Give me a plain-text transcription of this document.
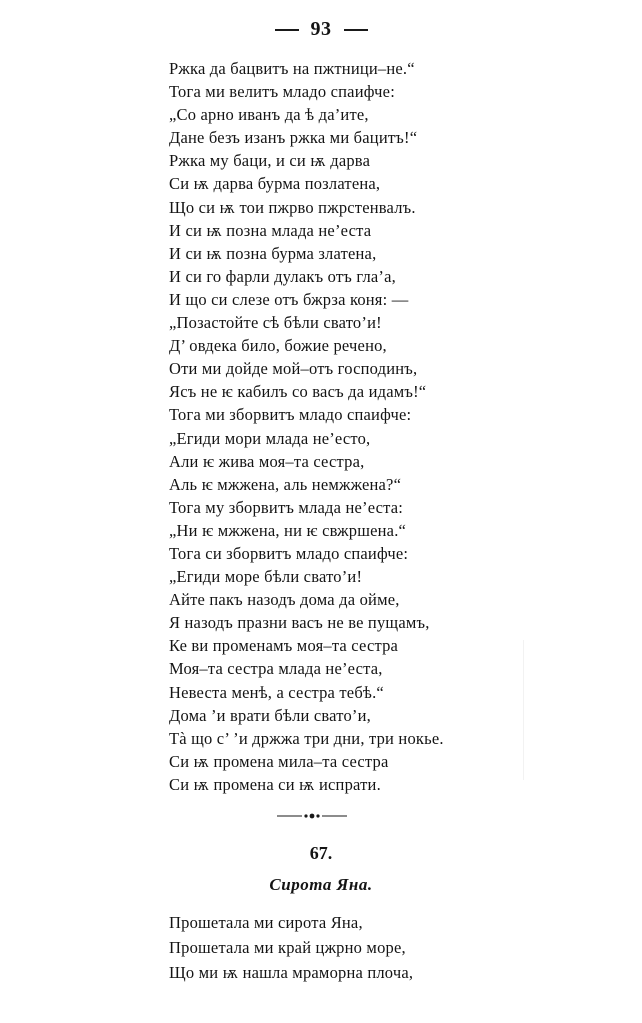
93
Ржка да бацвитъ на пжтници–не.“
Тога ми велитъ младо спаифче:
„Со арно иванъ да ѣ да’ите,
Дане безъ изанъ ржка ми бацитъ!“
Ржка му баци, и си ѭ дарва
Си ѭ дарва бурма позлатена,
Що си ѭ тои пжрво пжрстенвалъ.
И си ѭ позна млада не’еста
И си ѭ позна бурма златена,
И си го фарли дулакъ отъ гла’а,
И що си слезе отъ бжрза коня: —
„Позастойте сѣ бѣли свато’и!
Д’ овдека било, божие речено,
Оти ми дойде мой–отъ господинъ,
Ясъ не ѥ кабилъ со васъ да идамъ!“
Тога ми зборвитъ младо спаифче:
„Егиди мори млада не’есто,
Али ѥ жива моя–та сестра,
Аль ѥ мжжена, аль немжжена?“
Тога му зборвитъ млада не’еста:
„Ни ѥ мжжена, ни ѥ свжршена.“
Тога си зборвитъ младо спаифче:
„Егиди море бѣли свато’и!
Айте пакъ назодъ дома да ойме,
Я назодъ празни васъ не ве пущамъ,
Ке ви променамъ моя–та сестра
Моя–та сестра млада не’еста,
Невеста менѣ, а сестра тебѣ.“
Дома ’и врати бѣли свато’и,
Тà що с’ ’и држжа три дни, три нокье.
Си ѭ промена мила–та сестра
Си ѭ промена си ѭ испрати.
67.
Сирота Яна.
Прошетала ми сирота Яна,
Прошетала ми край цжрно море,
Що ми ѭ нашла мраморна плоча,
